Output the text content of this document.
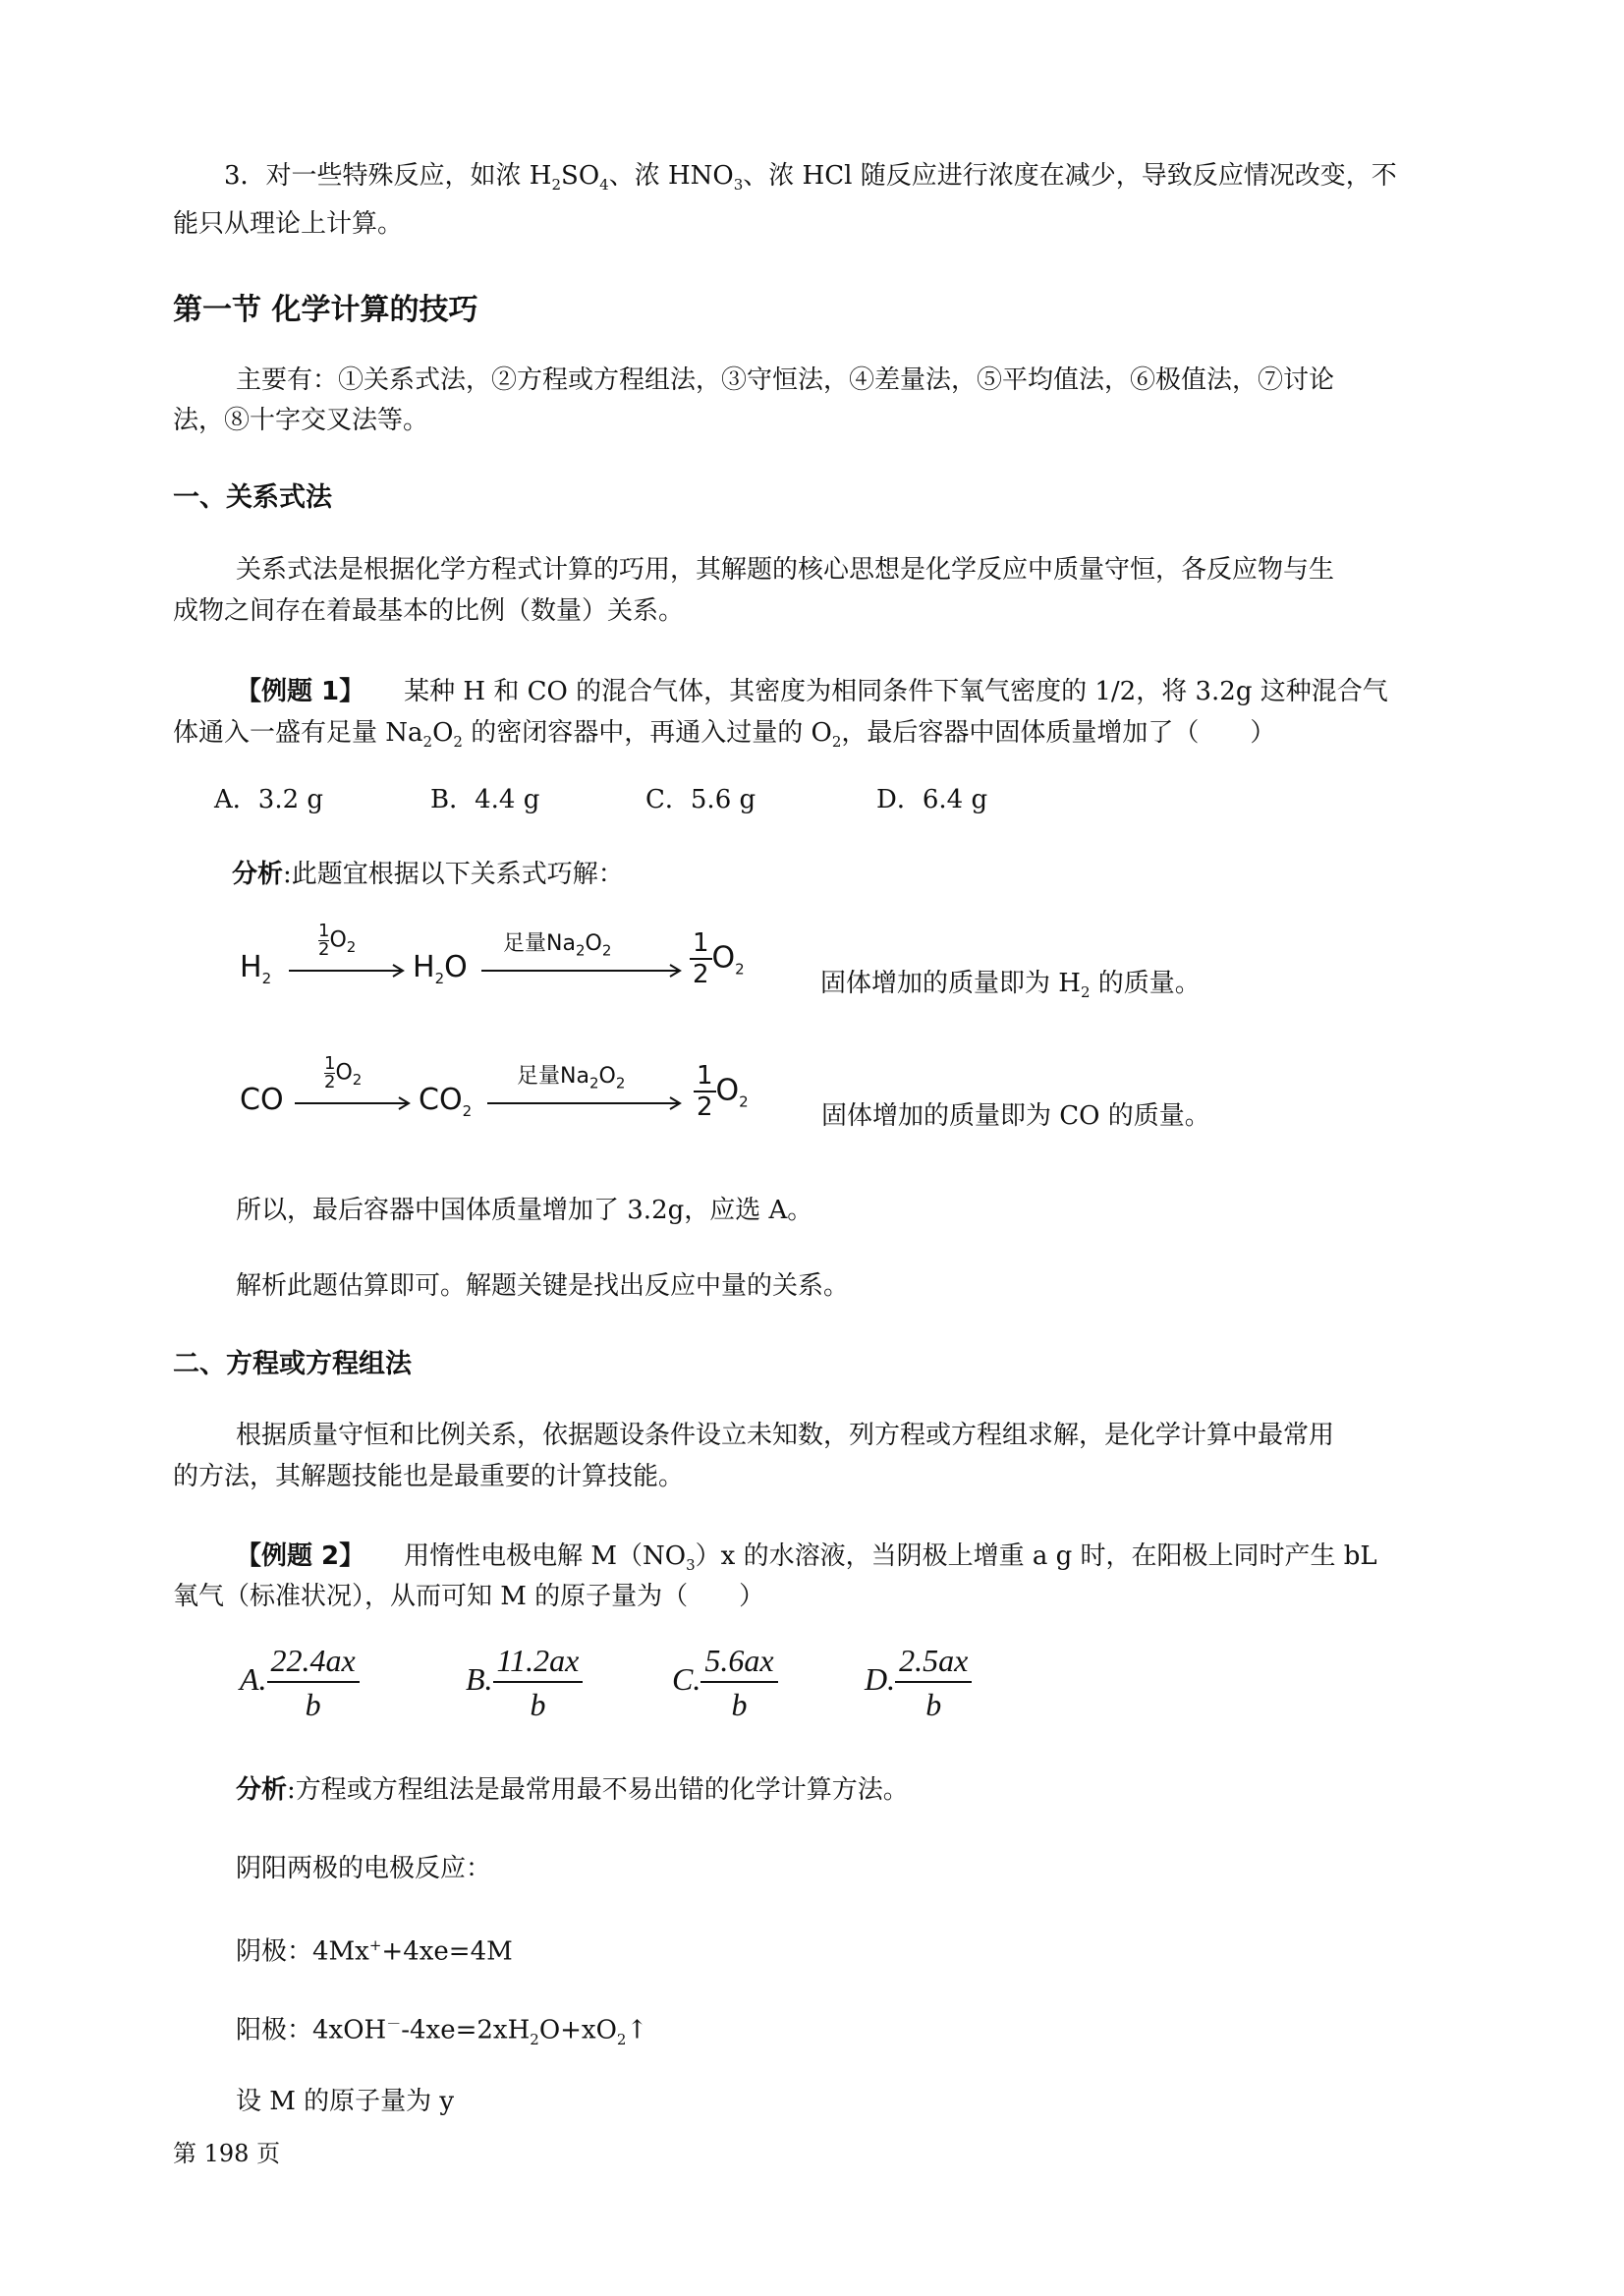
3．对一些特殊反应，如浓 $H_2SO_4$、浓 $HNO_3$、浓 HCl 随反应进行浓度在减少，导致反应情况改变，不
能只从理论上计算。
第一节 化学计算的技巧
主要有：①关系式法，②方程或方程组法，③守恒法，④差量法，⑤平均值法，⑥极值法，⑦讨论
法，⑧十字交叉法等。
一、关系式法
关系式法是根据化学方程式计算的巧用，其解题的核心思想是化学反应中质量守恒，各反应物与生
成物之间存在着最基本的比例（数量）关系。
【例题 1】 某种 H 和 CO 的混合气体，其密度为相同条件下氧气密度的 1/2，将 3.2g 这种混合气
体通入一盛有足量 $Na_2O_2$ 的密闭容器中，再通入过量的 $O_2$，最后容器中固体质量增加了（　　）
A．3.2 g	B．4.4 g	C．5.6 g	D．6.4 g
分析:此题宜根据以下关系式巧解：
$H_2$
$\frac{1}{2} O_2$
$H_2O$
足量$Na_2O_2$	$\frac{1}{2} O_2$	固体增加的质量即为 $H_2$ 的质量。
CO
$\frac{1}{2} O_2$
$CO_2$
足量$Na_2O_2$	$\frac{1}{2} O_2$	固体增加的质量即为 CO 的质量。
所以，最后容器中国体质量增加了 3.2g，应选 A。
解析此题估算即可。解题关键是找出反应中量的关系。
二、方程或方程组法
根据质量守恒和比例关系，依据题设条件设立未知数，列方程或方程组求解，是化学计算中最常用
的方法，其解题技能也是最重要的计算技能。
【例题 2】 用惰性电极电解 $M(NO_3)x$ 的水溶液，当阴极上增重 a g 时，在阳极上同时产生 bL
氧气（标准状况），从而可知 M 的原子量为（　　）
A. $\frac{22.4ax}{b}$	B. $\frac{11.2ax}{b}$	C. $\frac{5.6ax}{b}$	D. $\frac{2.5ax}{b}$
分析:方程或方程组法是最常用最不易出错的化学计算方法。
阴阳两极的电极反应：
阴极：4Mx++4xe=4M
阳极：$4xOH^--4xe=2xH_2O+xO_2↑$
设 M 的原子量为 y
第 198 页
